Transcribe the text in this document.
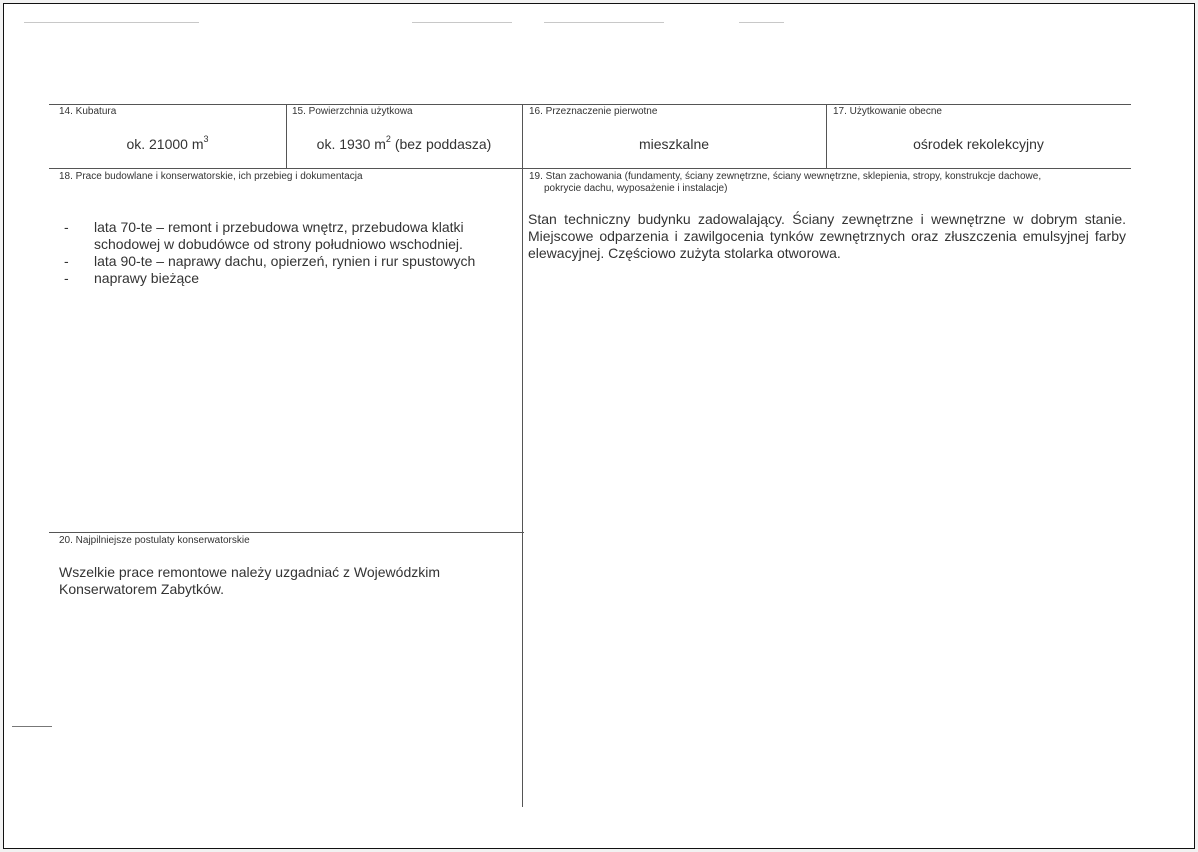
14. Kubatura
ok. 21000 $m^3$
15. Powierzchnia użytkowa
ok. 1930 $m^2$ (bez poddasza)
16. Przeznaczenie pierwotne
mieszkalne
17. Użytkowanie obecne
ośrodek rekolekcyjny
18. Prace budowlane i konserwatorskie, ich przebieg i dokumentacja
- lata 70-te – remont i przebudowa wnętrz, przebudowa klatki schodowej w dobudówce od strony południowo wschodniej.
- lata 90-te – naprawy dachu, opierzeń, rynien i rur spustowych
- naprawy bieżące
19. Stan zachowania (fundamenty, ściany zewnętrzne, ściany wewnętrzne, sklepienia, stropy, konstrukcje dachowe,
pokrycie dachu, wyposażenie i instalacje)
Stan techniczny budynku zadowalający. Ściany zewnętrzne i wewnętrzne w dobrym stanie. Miejscowe odparzenia i zawilgocenia tynków zewnętrznych oraz złuszczenia emulsyjnej farby elewacyjnej. Częściowo zużyta stolarka otworowa.
20. Najpilniejsze postulaty konserwatorskie
Wszelkie prace remontowe należy uzgadniać z Wojewódzkim Konserwatorem Zabytków.
